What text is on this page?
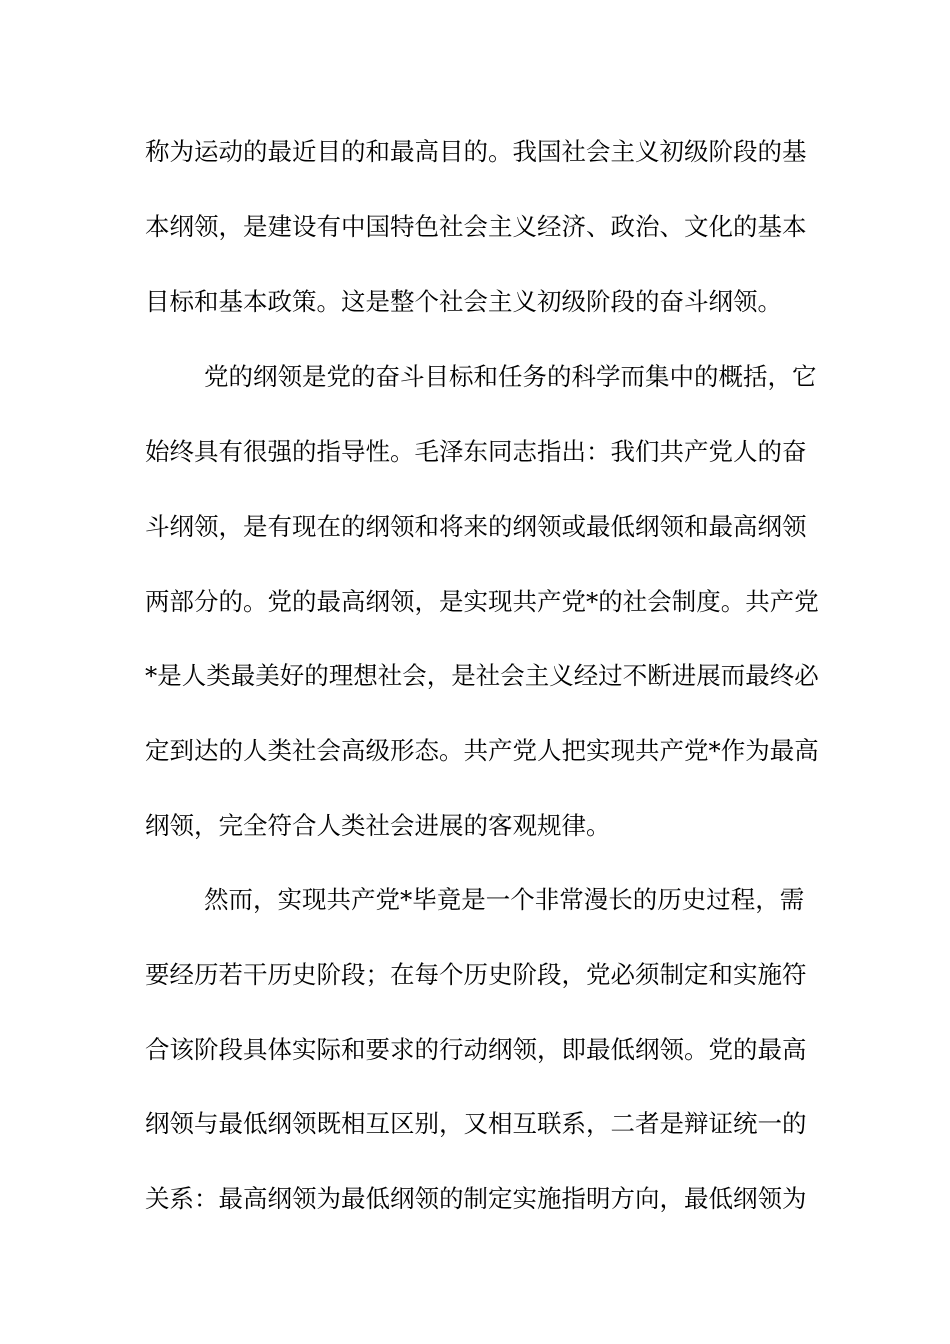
称为运动的最近目的和最高目的。我国社会主义初级阶段的基
本纲领，是建设有中国特色社会主义经济、政治、文化的基本
目标和基本政策。这是整个社会主义初级阶段的奋斗纲领。
党的纲领是党的奋斗目标和任务的科学而集中的概括，它
始终具有很强的指导性。毛泽东同志指出：我们共产党人的奋
斗纲领，是有现在的纲领和将来的纲领或最低纲领和最高纲领
两部分的。党的最高纲领，是实现共产党*的社会制度。共产党
*是人类最美好的理想社会，是社会主义经过不断进展而最终必
定到达的人类社会高级形态。共产党人把实现共产党*作为最高
纲领，完全符合人类社会进展的客观规律。
然而，实现共产党*毕竟是一个非常漫长的历史过程，需
要经历若干历史阶段；在每个历史阶段，党必须制定和实施符
合该阶段具体实际和要求的行动纲领，即最低纲领。党的最高
纲领与最低纲领既相互区别，又相互联系，二者是辩证统一的
关系：最高纲领为最低纲领的制定实施指明方向，最低纲领为
